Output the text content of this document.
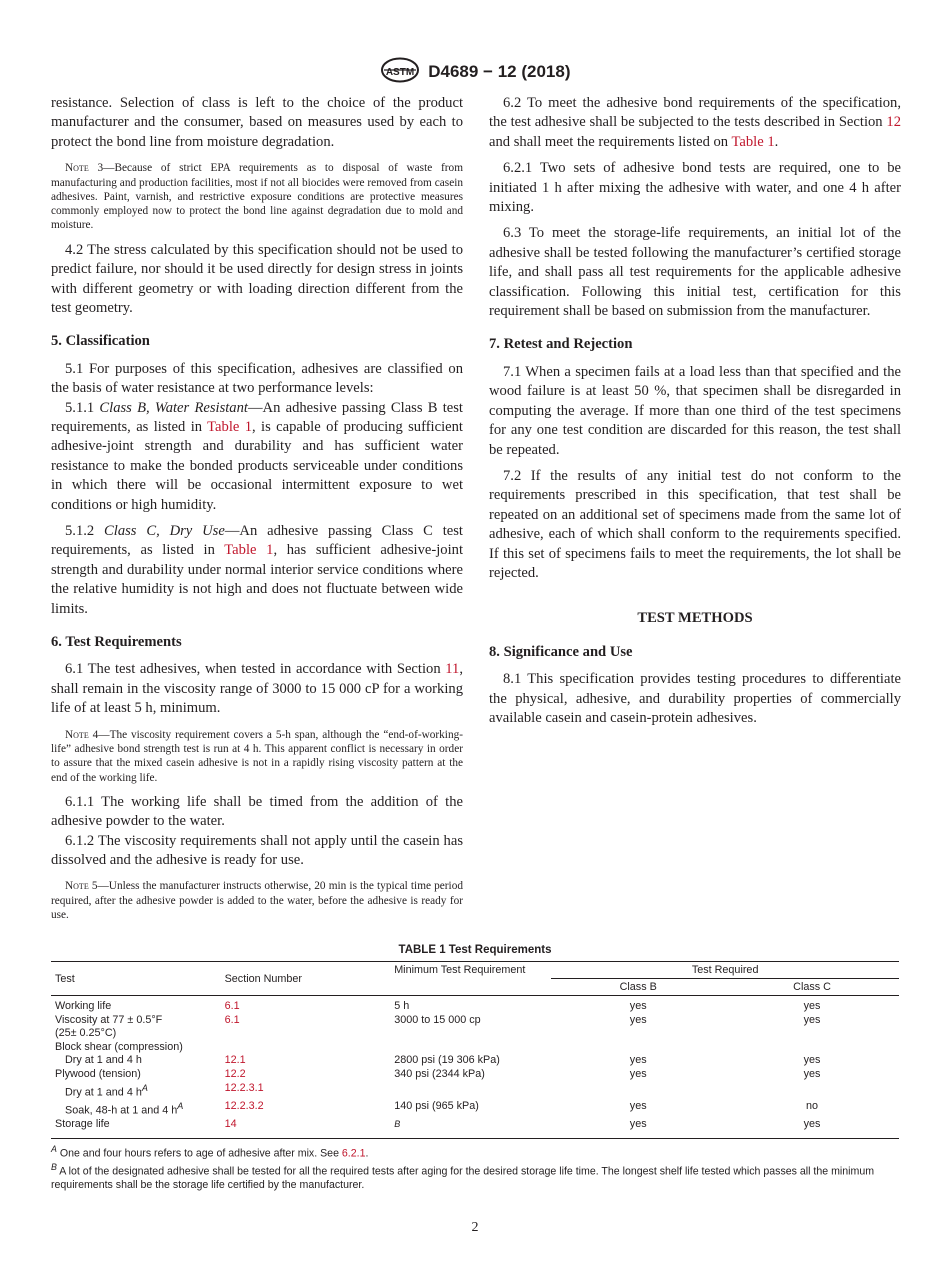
ASTM D4689 − 12 (2018)

resistance. Selection of class is left to the choice of the product manufacturer and the consumer, based on measures used by each to protect the bond line from moisture degradation.

Note 3—Because of strict EPA requirements as to disposal of waste from manufacturing and production facilities, most if not all biocides were removed from casein adhesives. Paint, varnish, and restrictive exposure conditions are protective measures commonly employed now to protect the bond line against degradation due to mold and moisture.

4.2 The stress calculated by this specification should not be used to predict failure, nor should it be used directly for design stress in joints with different geometry or with loading direction different from the test geometry.

5. Classification

5.1 For purposes of this specification, adhesives are classified on the basis of water resistance at two performance levels:

5.1.1 Class B, Water Resistant—An adhesive passing Class B test requirements, as listed in Table 1, is capable of producing sufficient adhesive-joint strength and durability and has sufficient water resistance to make the bonded products serviceable under conditions in which there will be occasional intermittent exposure to wet conditions or high humidity.

5.1.2 Class C, Dry Use—An adhesive passing Class C test requirements, as listed in Table 1, has sufficient adhesive-joint strength and durability under normal interior service conditions where the relative humidity is not high and does not fluctuate between wide limits.

6. Test Requirements

6.1 The test adhesives, when tested in accordance with Section 11, shall remain in the viscosity range of 3000 to 15 000 cP for a working life of at least 5 h, minimum.

Note 4—The viscosity requirement covers a 5-h span, although the “end-of-working-life” adhesive bond strength test is run at 4 h. This apparent conflict is necessary in order to assure that the mixed casein adhesive is not in a rapidly rising viscosity pattern at the end of the working life.

6.1.1 The working life shall be timed from the addition of the adhesive powder to the water.

6.1.2 The viscosity requirements shall not apply until the casein has dissolved and the adhesive is ready for use.

Note 5—Unless the manufacturer instructs otherwise, 20 min is the typical time period required, after the adhesive powder is added to the water, before the adhesive is ready for use.

6.2 To meet the adhesive bond requirements of the specification, the test adhesive shall be subjected to the tests described in Section 12 and shall meet the requirements listed on Table 1.

6.2.1 Two sets of adhesive bond tests are required, one to be initiated 1 h after mixing the adhesive with water, and one 4 h after mixing.

6.3 To meet the storage-life requirements, an initial lot of the adhesive shall be tested following the manufacturer’s certified storage life, and shall pass all test requirements for the applicable adhesive classification. Following this initial test, certification for this requirement shall be based on submission from the manufacturer.

7. Retest and Rejection

7.1 When a specimen fails at a load less than that specified and the wood failure is at least 50 %, that specimen shall be disregarded in computing the average. If more than one third of the test specimens for any one test condition are discarded for this reason, the test shall be repeated.

7.2 If the results of any initial test do not conform to the requirements prescribed in this specification, that test shall be repeated on an additional set of specimens made from the same lot of adhesive, each of which shall conform to the requirements specified. If this set of specimens fails to meet the requirements, the lot shall be rejected.

TEST METHODS
8. Significance and Use

8.1 This specification provides testing procedures to differentiate the physical, adhesive, and durability properties of commercially available casein and casein-protein adhesives.

TABLE 1 Test Requirements
Test	Section Number	Minimum Test Requirement	Test Required	
			Class B	Class C
Working life	6.1	5 h	yes	yes
Viscosity at 77 ± 0.5°F
(25± 0.25°C)	6.1	3000 to 15 000 cp	yes	yes
Block shear (compression)				
Dry at 1 and 4 h	12.1	2800 psi (19 306 kPa)	yes	yes
Plywood (tension)	12.2	340 psi (2344 kPa)	yes	yes
Dry at 1 and 4 $h^A$	12.2.3.1			
Soak, 48-h at 1 and 4 $h^A$	12.2.3.2	140 psi (965 kPa)	yes	no
Storage life	14	$^B$	yes	yes

$^A$ One and four hours refers to age of adhesive after mix. See 6.2.1.

$^B$ A lot of the designated adhesive shall be tested for all the required tests after aging for the desired storage life time. The longest shelf life tested which passes all the minimum requirements shall be the storage life certified by the manufacturer.

2
